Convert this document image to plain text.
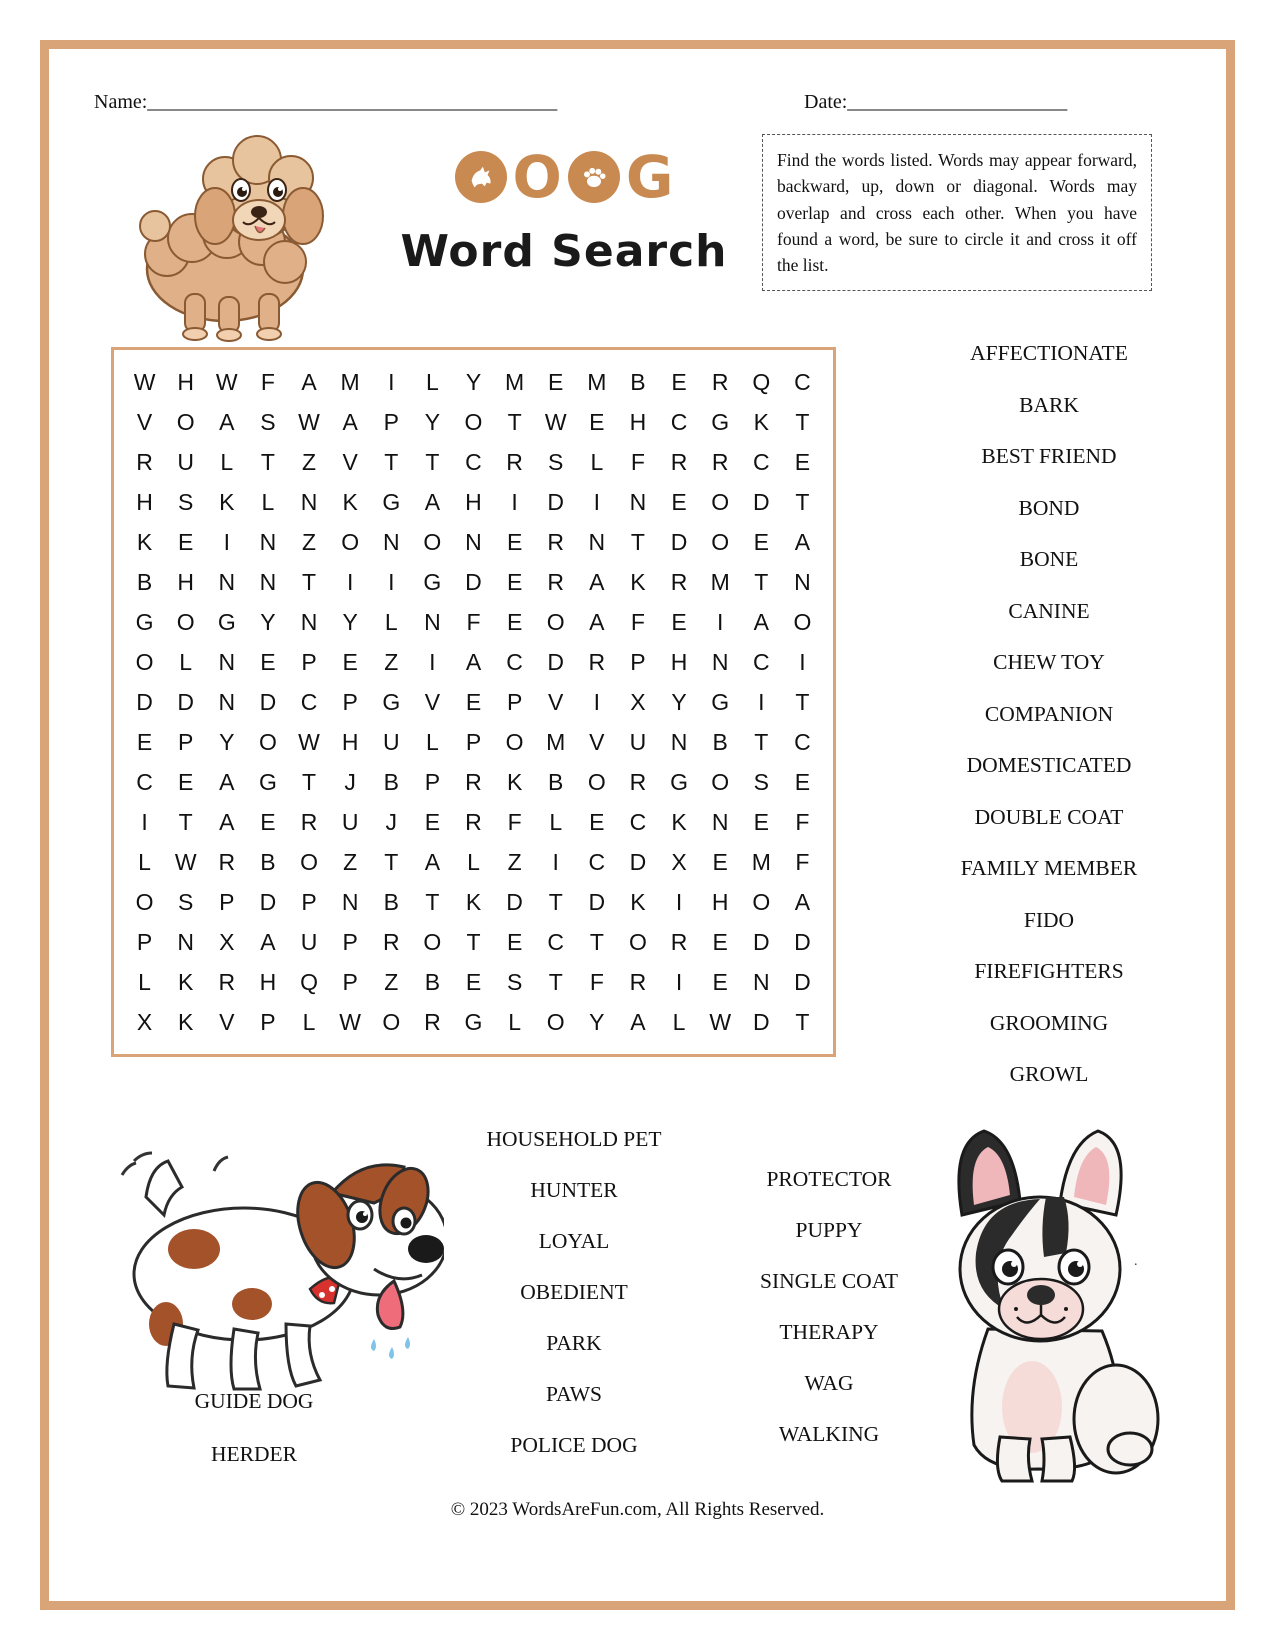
Name:_________________________________________	Date:______________________
O G
Word Search
Find the words listed. Words may appear forward, backward, up, down or diagonal. Words may overlap and cross each other. When you have found a word, be sure to circle it and cross it off the list.
W H W	F	A	M	I	L	Y	M	E	M	B	E	R	Q	C
V	O	A	S W A	P	Y	O	T	W E	H	C	G	K	T
R	U	L	T	Z	V	T	T	C	R	S	L	F	R	R	C	E
H	S	K	L	N	K	G	A	H	I	D	I	N	E	O	D	T
K	E	I	N	Z	O	N	O	N	E	R	N	T	D	O	E	A
B	H	N	N	T	I	I	G	D	E	R	A	K	R	M	T	N
G	O	G	Y	N	Y	L	N	F	E	O	A	F	E	I	A	O
O	L	N	E	P	E	Z	I	A	C	D	R	P	H	N	C	I
D	D	N	D	C	P	G	V	E	P	V	I	X	Y	G	I	T
E	P	Y	O W H	U	L	P	O M	V	U	N	B	T	C
C	E	A	G	T	J	B	P	R	K	B	O	R	G	O	S	E
I	T	A	E	R	U	J	E	R	F	L	E	C	K	N	E	F
L	W R	B	O	Z	T	A	L	Z	I	C	D	X	E	M	F
O	S	P	D	P	N	B	T	K	D	T	D	K	I	H	O	A
P	N	X	A	U	P	R	O	T	E	C	T	O	R	E	D	D
L	K	R	H	Q	P	Z	B	E	S	T	F	R	I	E	N	D
X	K	V	P	L	W O	R	G	L	O	Y	A	L	W D	T
AFFECTIONATE
BARK
BEST FRIEND
BOND
BONE
CANINE
CHEW TOY
COMPANION
DOMESTICATED
DOUBLE COAT
FAMILY MEMBER
FIDO
FIREFIGHTERS
GROOMING
GROWL
HOUSEHOLD PET
HUNTER
LOYAL
OBEDIENT
PARK
PAWS
POLICE DOG
PROTECTOR
PUPPY
SINGLE COAT
THERAPY
WAG
WALKING
GUIDE DOG
HERDER
.
© 2023 WordsAreFun.com, All Rights Reserved.
